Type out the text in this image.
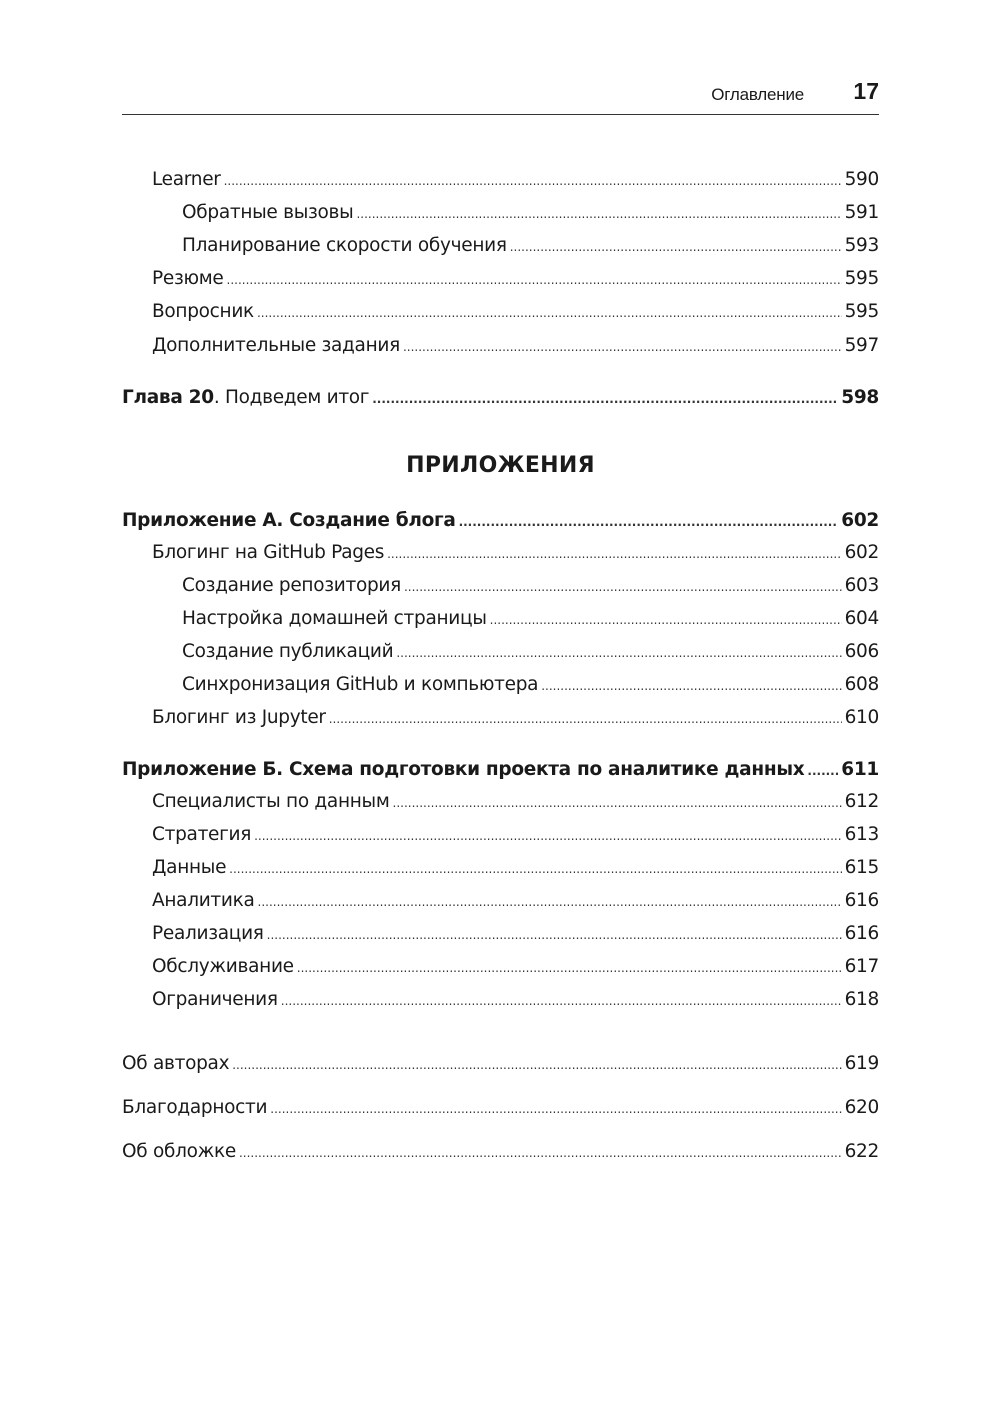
Оглавление 17
Learner .....	590
Обратные вызовы .....	591
Планирование скорости обучения .....	593
Резюме .....	595
Вопросник .....	595
Дополнительные задания .....	597
Глава 20. Подведем итог .....	598
ПРИЛОЖЕНИЯ
Приложение А. Создание блога .....	602
Блогинг на GitHub Pages .....	602
Создание репозитория .....	603
Настройка домашней страницы .....	604
Создание публикаций .....	606
Синхронизация GitHub и компьютера .....	608
Блогинг из Jupyter .....	610
Приложение Б. Схема подготовки проекта по аналитике данных ..... 611
Специалисты по данным .....	612
Стратегия .....	613
Данные .....	615
Аналитика .....	616
Реализация .....	616
Обслуживание .....	617
Ограничения .....	618
Об авторах .....	619
Благодарности .....	620
Об обложке .....	622
